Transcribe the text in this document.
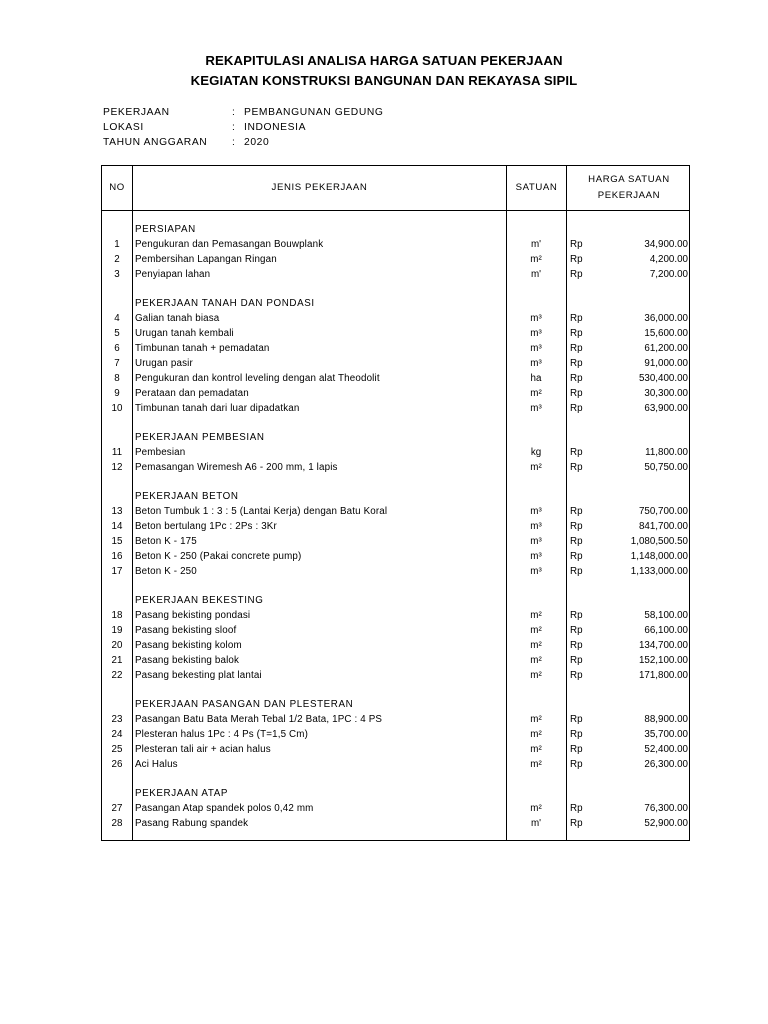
REKAPITULASI ANALISA HARGA SATUAN PEKERJAAN
KEGIATAN KONSTRUKSI BANGUNAN DAN REKAYASA SIPIL
PEKERJAAN	: PEMBANGUNAN GEDUNG
LOKASI	: INDONESIA
TAHUN ANGGARAN : 2020
NO	JENIS PEKERJAAN	SATUAN
HARGA SATUAN
PEKERJAAN
PERSIAPAN
1	Pengukuran dan Pemasangan Bouwplank	m'	Rp	34,900.00
2	Pembersihan Lapangan Ringan	m²	Rp	4,200.00
3	Penyiapan lahan	m'	Rp	7,200.00
PEKERJAAN TANAH DAN PONDASI
4	Galian tanah biasa	m³	Rp	36,000.00
5	Urugan tanah kembali	m³	Rp	15,600.00
6	Timbunan tanah + pemadatan	m³	Rp	61,200.00
7	Urugan pasir	m³	Rp	91,000.00
8	Pengukuran dan kontrol leveling dengan alat Theodolit	ha	Rp	530,400.00
9	Perataan dan pemadatan	m²	Rp	30,300.00
10	Timbunan tanah dari luar dipadatkan	m³	Rp	63,900.00
PEKERJAAN PEMBESIAN
11	Pembesian	kg	Rp	11,800.00
12	Pemasangan Wiremesh A6 - 200 mm, 1 lapis	m²	Rp	50,750.00
PEKERJAAN BETON
13	Beton Tumbuk 1 : 3 : 5 (Lantai Kerja) dengan Batu Koral	m³	Rp	750,700.00
14	Beton bertulang 1Pc : 2Ps : 3Kr	m³	Rp	841,700.00
15	Beton K - 175	m³	Rp	1,080,500.50
16	Beton K - 250 (Pakai concrete pump)	m³	Rp	1,148,000.00
17	Beton K - 250	m³	Rp	1,133,000.00
PEKERJAAN BEKESTING
18	Pasang bekisting pondasi	m²	Rp	58,100.00
19	Pasang bekisting sloof	m²	Rp	66,100.00
20	Pasang bekisting kolom	m²	Rp	134,700.00
21	Pasang bekisting balok	m²	Rp	152,100.00
22	Pasang bekesting plat lantai	m²	Rp	171,800.00
PEKERJAAN PASANGAN DAN PLESTERAN
23	Pasangan Batu Bata Merah Tebal 1/2 Bata, 1PC : 4 PS	m²	Rp	88,900.00
24	Plesteran halus 1Pc : 4 Ps (T=1,5 Cm)	m²	Rp	35,700.00
25	Plesteran tali air + acian halus	m²	Rp	52,400.00
26	Aci Halus	m²	Rp	26,300.00
PEKERJAAN ATAP
27	Pasangan Atap spandek polos 0,42 mm	m²	Rp	76,300.00
28	Pasang Rabung spandek	m'	Rp	52,900.00
